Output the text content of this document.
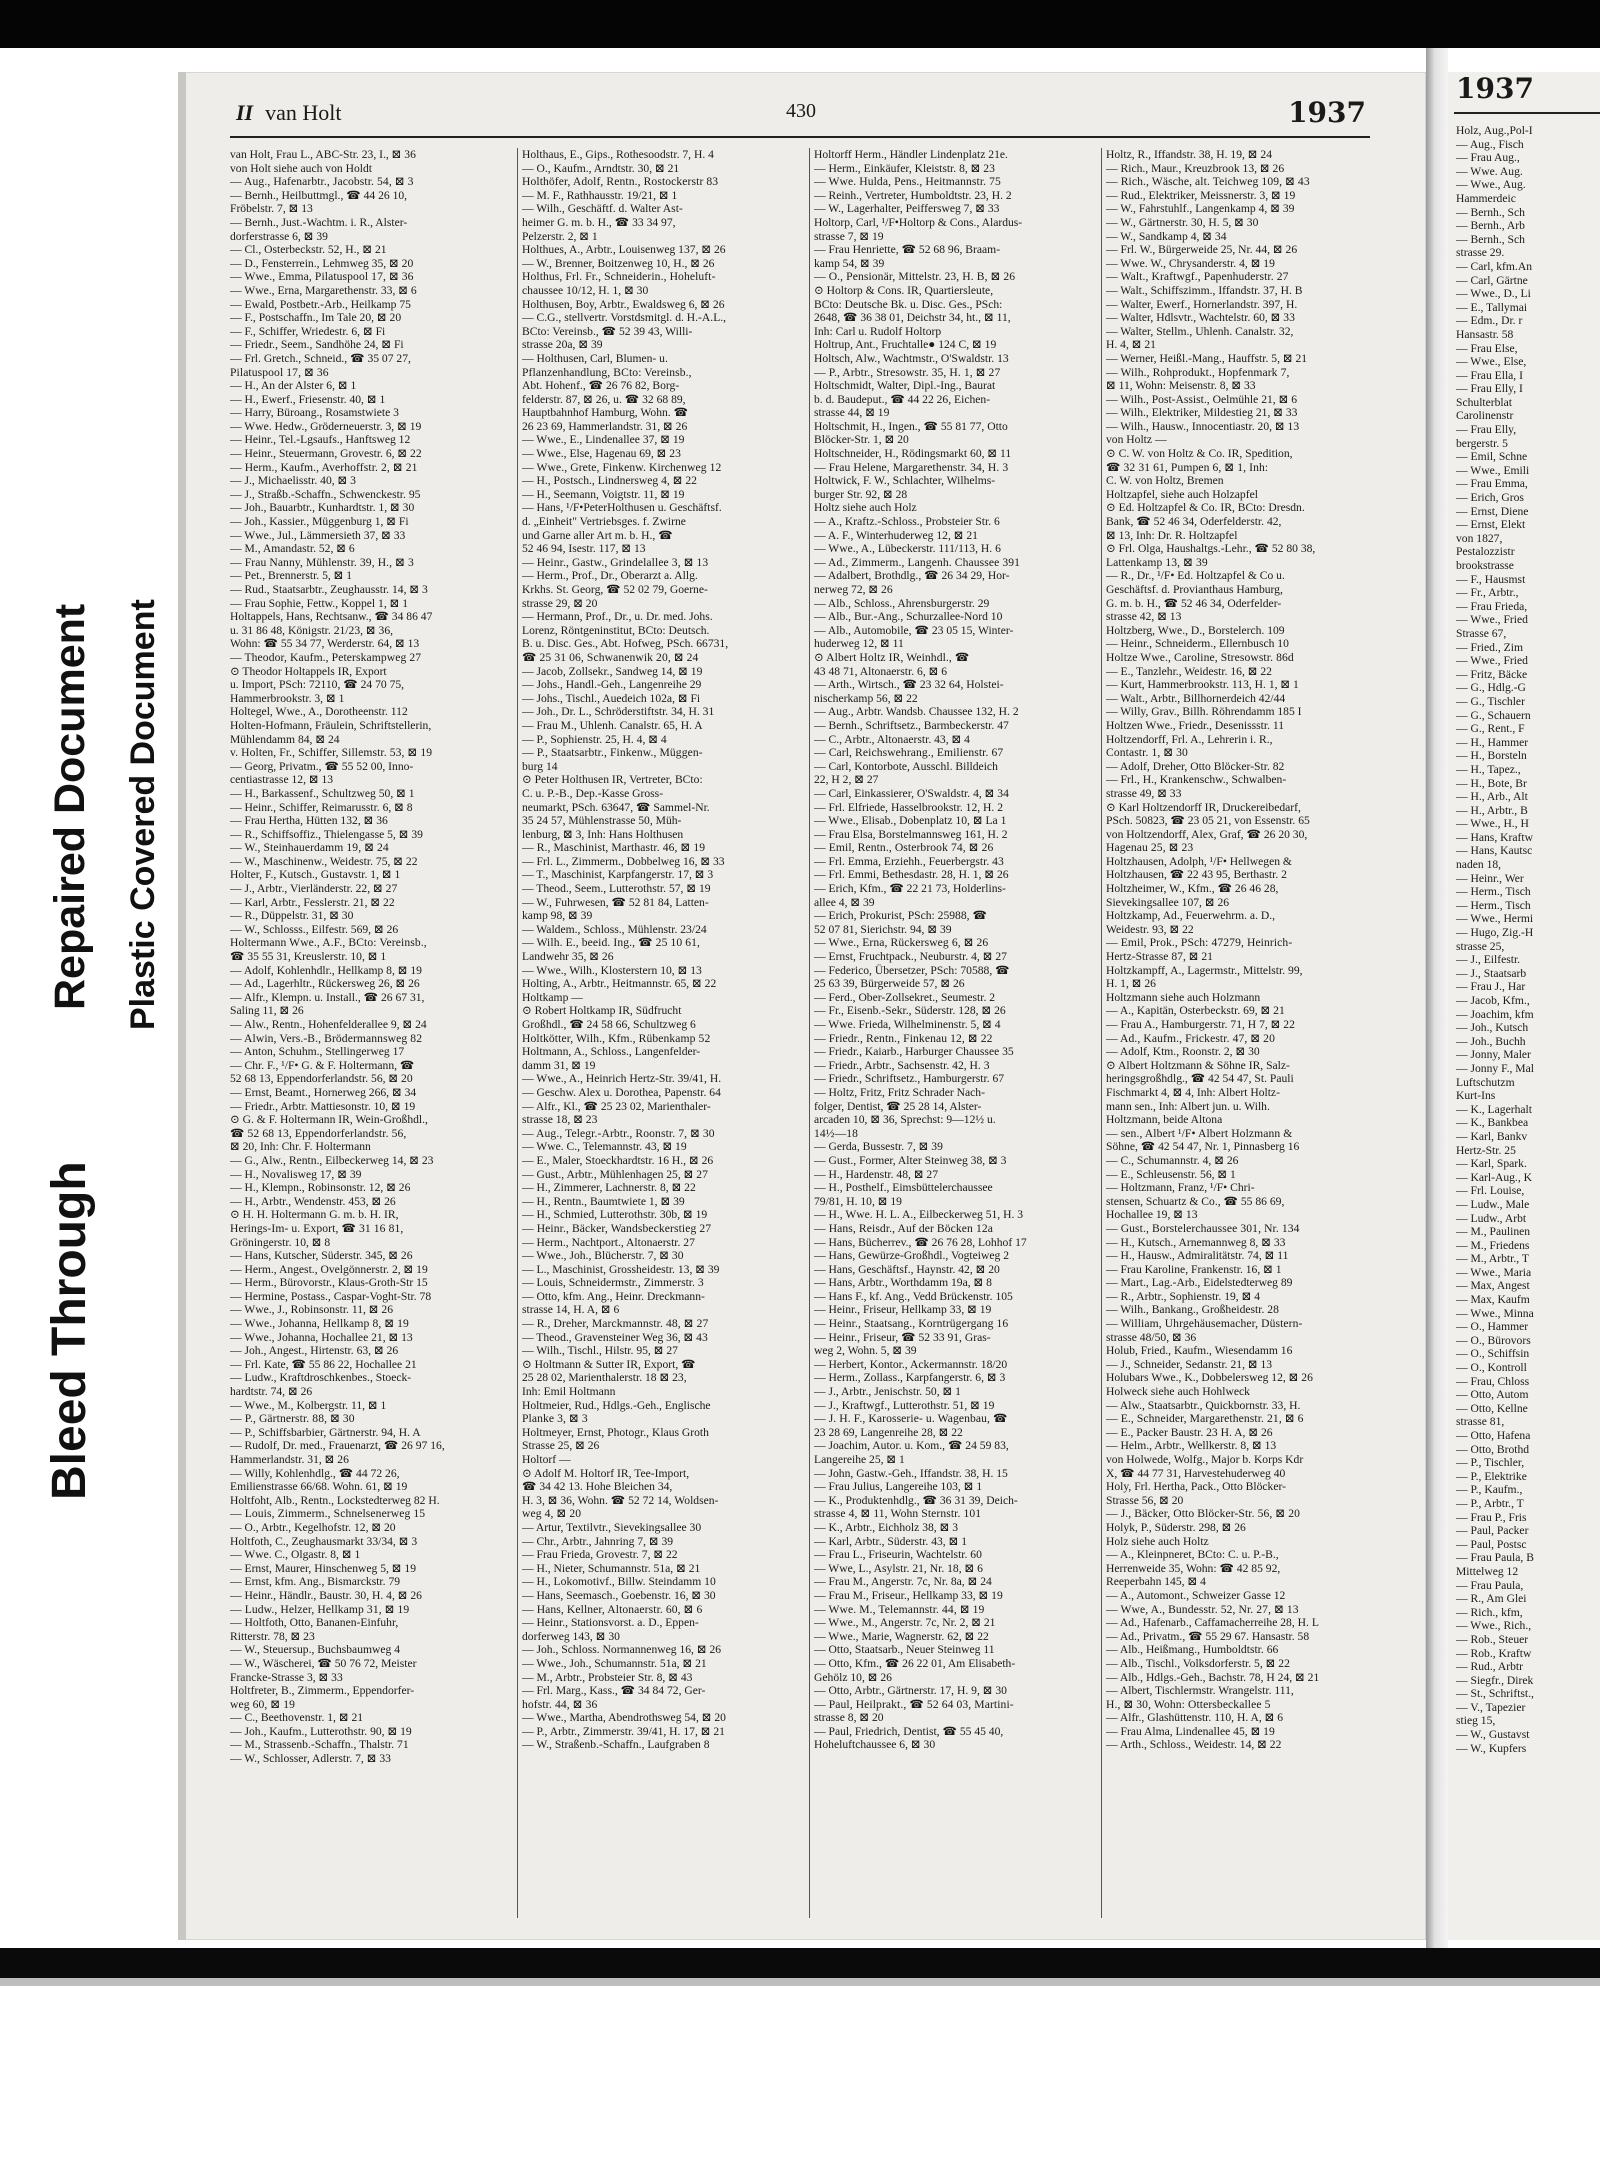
Bleed Through
Repaired Document Plastic Covered Document
II van Holt	430	1937
van Holt, Frau L., ABC-Str. 23, I., ⊠ 36
von Holt siehe auch von Holdt
— Aug., Hafenarbtr., Jacobstr. 54, ⊠ 3
— Bernh., Heilbuttmgl., ☎ 44 26 10,
Fröbelstr. 7, ⊠ 13
— Bernh., Just.-Wachtm. i. R., Alster-
dorferstrasse 6, ⊠ 39
— Cl., Osterbeckstr. 52, H., ⊠ 21
— D., Fensterrein., Lehmweg 35, ⊠ 20
— Wwe., Emma, Pilatuspool 17, ⊠ 36
— Wwe., Erna, Margarethenstr. 33, ⊠ 6
— Ewald, Postbetr.-Arb., Heilkamp 75
— F., Postschaffn., Im Tale 20, ⊠ 20
— F., Schiffer, Wriedestr. 6, ⊠ Fi
— Friedr., Seem., Sandhöhe 24, ⊠ Fi
— Frl. Gretch., Schneid., ☎ 35 07 27,
Pilatuspool 17, ⊠ 36
— H., An der Alster 6, ⊠ 1
— H., Ewerf., Friesenstr. 40, ⊠ 1
— Harry, Büroang., Rosamstwiete 3
— Wwe. Hedw., Gröderneuerstr. 3, ⊠ 19
— Heinr., Tel.-Lgsaufs., Hanftsweg 12
— Heinr., Steuermann, Grovestr. 6, ⊠ 22
— Herm., Kaufm., Averhoffstr. 2, ⊠ 21
— J., Michaelisstr. 40, ⊠ 3
— J., Straßb.-Schaffn., Schwenckestr. 95
— Joh., Bauarbtr., Kunhardtstr. 1, ⊠ 30
— Joh., Kassier., Müggenburg 1, ⊠ Fi
— Wwe., Jul., Lämmersieth 37, ⊠ 33
— M., Amandastr. 52, ⊠ 6
— Frau Nanny, Mühlenstr. 39, H., ⊠ 3
— Pet., Brennerstr. 5, ⊠ 1
— Rud., Staatsarbtr., Zeughausstr. 14, ⊠ 3
— Frau Sophie, Fettw., Koppel 1, ⊠ 1
Holtappels, Hans, Rechtsanw., ☎ 34 86 47
u. 31 86 48, Königstr. 21/23, ⊠ 36,
Wohn: ☎ 55 34 77, Werderstr. 64, ⊠ 13
— Theodor, Kaufm., Peterskampweg 27
⊙ Theodor Holtappels IR, Export
u. Import, PSch: 72110, ☎ 24 70 75,
Hammerbrookstr. 3, ⊠ 1
Holtegel, Wwe., A., Dorotheenstr. 112
Holten-Hofmann, Fräulein, Schriftstellerin,
Mühlendamm 84, ⊠ 24
v. Holten, Fr., Schiffer, Sillemstr. 53, ⊠ 19
— Georg, Privatm., ☎ 55 52 00, Inno-
centiastrasse 12, ⊠ 13
— H., Barkassenf., Schultzweg 50, ⊠ 1
— Heinr., Schiffer, Reimarusstr. 6, ⊠ 8
— Frau Hertha, Hütten 132, ⊠ 36
— R., Schiffsoffiz., Thielengasse 5, ⊠ 39
— W., Steinhauerdamm 19, ⊠ 24
— W., Maschinenw., Weidestr. 75, ⊠ 22
Holter, F., Kutsch., Gustavstr. 1, ⊠ 1
— J., Arbtr., Vierländerstr. 22, ⊠ 27
— Karl, Arbtr., Fesslerstr. 21, ⊠ 22
— R., Düppelstr. 31, ⊠ 30
— W., Schlosss., Eilfestr. 569, ⊠ 26
Holtermann Wwe., A.F., BCto: Vereinsb.,
☎ 35 55 31, Kreuslerstr. 10, ⊠ 1
— Adolf, Kohlenhdlr., Hellkamp 8, ⊠ 19
— Ad., Lagerhltr., Rückersweg 26, ⊠ 26
— Alfr., Klempn. u. Install., ☎ 26 67 31,
Saling 11, ⊠ 26
— Alw., Rentn., Hohenfelderallee 9, ⊠ 24
— Alwin, Vers.-B., Brödermannsweg 82
— Anton, Schuhm., Stellingerweg 17
— Chr. F., ¹/F• G. & F. Holtermann, ☎
52 68 13, Eppendorferlandstr. 56, ⊠ 20
— Ernst, Beamt., Hornerweg 266, ⊠ 34
— Friedr., Arbtr. Mattiesonstr. 10, ⊠ 19
⊙ G. & F. Holtermann IR, Wein-Großhdl.,
☎ 52 68 13, Eppendorferlandstr. 56,
⊠ 20, Inh: Chr. F. Holtermann
— G., Alw., Rentn., Eilbeckerweg 14, ⊠ 23
— H., Novalisweg 17, ⊠ 39
— H., Klempn., Robinsonstr. 12, ⊠ 26
— H., Arbtr., Wendenstr. 453, ⊠ 26
⊙ H. H. Holtermann G. m. b. H. IR,
Herings-Im- u. Export, ☎ 31 16 81,
Gröningerstr. 10, ⊠ 8
— Hans, Kutscher, Süderstr. 345, ⊠ 26
— Herm., Angest., Ovelgönnerstr. 2, ⊠ 19
— Herm., Bürovorstr., Klaus-Groth-Str 15
— Hermine, Postass., Caspar-Voght-Str. 78
— Wwe., J., Robinsonstr. 11, ⊠ 26
— Wwe., Johanna, Hellkamp 8, ⊠ 19
— Wwe., Johanna, Hochallee 21, ⊠ 13
— Joh., Angest., Hirtenstr. 63, ⊠ 26
— Frl. Kate, ☎ 55 86 22, Hochallee 21
— Ludw., Kraftdroschkenbes., Stoeck-
hardtstr. 74, ⊠ 26
— Wwe., M., Kolbergstr. 11, ⊠ 1
— P., Gärtnerstr. 88, ⊠ 30
— P., Schiffsbarbier, Gärtnerstr. 94, H. A
— Rudolf, Dr. med., Frauenarzt, ☎ 26 97 16,
Hammerlandstr. 31, ⊠ 26
— Willy, Kohlenhdlg., ☎ 44 72 26,
Emilienstrasse 66/68. Wohn. 61, ⊠ 19
Holtfoht, Alb., Rentn., Lockstedterweg 82 H.
— Louis, Zimmerm., Schnelsenerweg 15
— O., Arbtr., Kegelhofstr. 12, ⊠ 20
Holtfoth, C., Zeughausmarkt 33/34, ⊠ 3
— Wwe. C., Olgastr. 8, ⊠ 1
— Ernst, Maurer, Hinschenweg 5, ⊠ 19
— Ernst, kfm. Ang., Bismarckstr. 79
— Heinr., Händlr., Baustr. 30, H. 4, ⊠ 26
— Ludw., Helzer, Hellkamp 31, ⊠ 19
— Holtfoth, Otto, Bananen-Einfuhr,
Ritterstr. 78, ⊠ 23
— W., Steuersup., Buchsbaumweg 4
— W., Wäscherei, ☎ 50 76 72, Meister
Francke-Strasse 3, ⊠ 33
Holtfreter, B., Zimmerm., Eppendorfer-
weg 60, ⊠ 19
— C., Beethovenstr. 1, ⊠ 21
— Joh., Kaufm., Lutterothstr. 90, ⊠ 19
— M., Strassenb.-Schaffn., Thalstr. 71
— W., Schlosser, Adlerstr. 7, ⊠ 33
Holthaus, E., Gips., Rothesoodstr. 7, H. 4
— O., Kaufm., Arndtstr. 30, ⊠ 21
Holthöfer, Adolf, Rentn., Rostockerstr 83
— M. F., Rathhausstr. 19/21, ⊠ 1
— Wilh., Geschäftf. d. Walter Ast-
heimer G. m. b. H., ☎ 33 34 97,
Pelzerstr. 2, ⊠ 1
Holthues, A., Arbtr., Louisenweg 137, ⊠ 26
— W., Brenner, Boitzenweg 10, H., ⊠ 26
Holthus, Frl. Fr., Schneiderin., Hoheluft-
chaussee 10/12, H. 1, ⊠ 30
Holthusen, Boy, Arbtr., Ewaldsweg 6, ⊠ 26
— C.G., stellvertr. Vorstdsmitgl. d. H.-A.L.,
BCto: Vereinsb., ☎ 52 39 43, Willi-
strasse 20a, ⊠ 39
— Holthusen, Carl, Blumen- u.
Pflanzenhandlung, BCto: Vereinsb.,
Abt. Hohenf., ☎ 26 76 82, Borg-
felderstr. 87, ⊠ 26, u. ☎ 32 68 89,
Hauptbahnhof Hamburg, Wohn. ☎
26 23 69, Hammerlandstr. 31, ⊠ 26
— Wwe., E., Lindenallee 37, ⊠ 19
— Wwe., Else, Hagenau 69, ⊠ 23
— Wwe., Grete, Finkenw. Kirchenweg 12
— H., Postsch., Lindnersweg 4, ⊠ 22
— H., Seemann, Voigtstr. 11, ⊠ 19
— Hans, ¹/F•PeterHolthusen u. Geschäftsf.
d. „Einheit" Vertriebsges. f. Zwirne
und Garne aller Art m. b. H., ☎
52 46 94, Isestr. 117, ⊠ 13
— Heinr., Gastw., Grindelallee 3, ⊠ 13
— Herm., Prof., Dr., Oberarzt a. Allg.
Krkhs. St. Georg, ☎ 52 02 79, Goerne-
strasse 29, ⊠ 20
— Hermann, Prof., Dr., u. Dr. med. Johs.
Lorenz, Röntgeninstitut, BCto: Deutsch.
B. u. Disc. Ges., Abt. Hofweg, PSch. 66731,
☎ 25 31 06, Schwanenwik 20, ⊠ 24
— Jacob, Zollsekr., Sandweg 14, ⊠ 19
— Johs., Handl.-Geh., Langenreihe 29
— Johs., Tischl., Auedeich 102a, ⊠ Fi
— Joh., Dr. L., Schröderstiftstr. 34, H. 31
— Frau M., Uhlenh. Canalstr. 65, H. A
— P., Sophienstr. 25, H. 4, ⊠ 4
— P., Staatsarbtr., Finkenw., Müggen-
burg 14
⊙ Peter Holthusen IR, Vertreter, BCto:
C. u. P.-B., Dep.-Kasse Gross-
neumarkt, PSch. 63647, ☎ Sammel-Nr.
35 24 57, Mühlenstrasse 50, Müh-
lenburg, ⊠ 3, Inh: Hans Holthusen
— R., Maschinist, Marthastr. 46, ⊠ 19
— Frl. L., Zimmerm., Dobbelweg 16, ⊠ 33
— T., Maschinist, Karpfangerstr. 17, ⊠ 3
— Theod., Seem., Lutterothstr. 57, ⊠ 19
— W., Fuhrwesen, ☎ 52 81 84, Latten-
kamp 98, ⊠ 39
— Waldem., Schloss., Mühlenstr. 23/24
— Wilh. E., beeid. Ing., ☎ 25 10 61,
Landwehr 35, ⊠ 26
— Wwe., Wilh., Klosterstern 10, ⊠ 13
Holting, A., Arbtr., Heitmannstr. 65, ⊠ 22
Holtkamp —
⊙ Robert Holtkamp IR, Südfrucht
Großhdl., ☎ 24 58 66, Schultzweg 6
Holtkötter, Wilh., Kfm., Rübenkamp 52
Holtmann, A., Schloss., Langenfelder-
damm 31, ⊠ 19
— Wwe., A., Heinrich Hertz-Str. 39/41, H.
— Geschw. Alex u. Dorothea, Papenstr. 64
— Alfr., Kl., ☎ 25 23 02, Marienthaler-
strasse 18, ⊠ 23
— Aug., Telegr.-Arbtr., Roonstr. 7, ⊠ 30
— Wwe. C., Telemannstr. 43, ⊠ 19
— E., Maler, Stoeckhardtstr. 16 H., ⊠ 26
— Gust., Arbtr., Mühlenhagen 25, ⊠ 27
— H., Zimmerer, Lachnerstr. 8, ⊠ 22
— H., Rentn., Baumtwiete 1, ⊠ 39
— H., Schmied, Lutterothstr. 30b, ⊠ 19
— Heinr., Bäcker, Wandsbeckerstieg 27
— Herm., Nachtport., Altonaerstr. 27
— Wwe., Joh., Blücherstr. 7, ⊠ 30
— L., Maschinist, Grossheidestr. 13, ⊠ 39
— Louis, Schneidermstr., Zimmerstr. 3
— Otto, kfm. Ang., Heinr. Dreckmann-
strasse 14, H. A, ⊠ 6
— R., Dreher, Marckmannstr. 48, ⊠ 27
— Theod., Gravensteiner Weg 36, ⊠ 43
— Wilh., Tischl., Hilstr. 95, ⊠ 27
⊙ Holtmann & Sutter IR, Export, ☎
25 28 02, Marienthalerstr. 18 ⊠ 23,
Inh: Emil Holtmann
Holtmeier, Rud., Hdlgs.-Geh., Englische
Planke 3, ⊠ 3
Holtmeyer, Ernst, Photogr., Klaus Groth
Strasse 25, ⊠ 26
Holtorf —
⊙ Adolf M. Holtorf IR, Tee-Import,
☎ 34 42 13. Hohe Bleichen 34,
H. 3, ⊠ 36, Wohn. ☎ 52 72 14, Woldsen-
weg 4, ⊠ 20
— Artur, Textilvtr., Sievekingsallee 30
— Chr., Arbtr., Jahnring 7, ⊠ 39
— Frau Frieda, Grovestr. 7, ⊠ 22
— H., Nieter, Schumannstr. 51a, ⊠ 21
— H., Lokomotivf., Billw. Steindamm 10
— Hans, Seemasch., Goebenstr. 16, ⊠ 30
— Hans, Kellner, Altonaerstr. 60, ⊠ 6
— Heinr., Stationsvorst. a. D., Eppen-
dorferweg 143, ⊠ 30
— Joh., Schloss. Normannenweg 16, ⊠ 26
— Wwe., Joh., Schumannstr. 51a, ⊠ 21
— M., Arbtr., Probsteier Str. 8, ⊠ 43
— Frl. Marg., Kass., ☎ 34 84 72, Ger-
hofstr. 44, ⊠ 36
— Wwe., Martha, Abendrothsweg 54, ⊠ 20
— P., Arbtr., Zimmerstr. 39/41, H. 17, ⊠ 21
— W., Straßenb.-Schaffn., Laufgraben 8
Holtorff Herm., Händler Lindenplatz 21e.
— Herm., Einkäufer, Kleiststr. 8, ⊠ 23
— Wwe. Hulda, Pens., Heitmannstr. 75
— Reinh., Vertreter, Humboldtstr. 23, H. 2
— W., Lagerhalter, Peiffersweg 7, ⊠ 33
Holtorp, Carl, ¹/F•Holtorp & Cons., Alardus-
strasse 7, ⊠ 19
— Frau Henriette, ☎ 52 68 96, Braam-
kamp 54, ⊠ 39
— O., Pensionär, Mittelstr. 23, H. B, ⊠ 26
⊙ Holtorp & Cons. IR, Quartiersleute,
BCto: Deutsche Bk. u. Disc. Ges., PSch:
2648, ☎ 36 38 01, Deichstr 34, ht., ⊠ 11,
Inh: Carl u. Rudolf Holtorp
Holtrup, Ant., Fruchtalle● 124 C, ⊠ 19
Holtsch, Alw., Wachtmstr., O'Swaldstr. 13
— P., Arbtr., Stresowstr. 35, H. 1, ⊠ 27
Holtschmidt, Walter, Dipl.-Ing., Baurat
b. d. Baudeput., ☎ 44 22 26, Eichen-
strasse 44, ⊠ 19
Holtschmit, H., Ingen., ☎ 55 81 77, Otto
Blöcker-Str. 1, ⊠ 20
Holtschneider, H., Rödingsmarkt 60, ⊠ 11
— Frau Helene, Margarethenstr. 34, H. 3
Holtwick, F. W., Schlachter, Wilhelms-
burger Str. 92, ⊠ 28
Holtz siehe auch Holz
— A., Kraftz.-Schloss., Probsteier Str. 6
— A. F., Winterhuderweg 12, ⊠ 21
— Wwe., A., Lübeckerstr. 111/113, H. 6
— Ad., Zimmerm., Langenh. Chaussee 391
— Adalbert, Brothdlg., ☎ 26 34 29, Hor-
nerweg 72, ⊠ 26
— Alb., Schloss., Ahrensburgerstr. 29
— Alb., Bur.-Ang., Schurzallee-Nord 10
— Alb., Automobile, ☎ 23 05 15, Winter-
huderweg 12, ⊠ 11
⊙ Albert Holtz IR, Weinhdl., ☎
43 48 71, Altonaerstr. 6, ⊠ 6
— Arth., Wirtsch., ☎ 23 32 64, Holstei-
nischerkamp 56, ⊠ 22
— Aug., Arbtr. Wandsb. Chaussee 132, H. 2
— Bernh., Schriftsetz., Barmbeckerstr. 47
— C., Arbtr., Altonaerstr. 43, ⊠ 4
— Carl, Reichswehrang., Emilienstr. 67
— Carl, Kontorbote, Ausschl. Billdeich
22, H 2, ⊠ 27
— Carl, Einkassierer, O'Swaldstr. 4, ⊠ 34
— Frl. Elfriede, Hasselbrookstr. 12, H. 2
— Wwe., Elisab., Dobenplatz 10, ⊠ La 1
— Frau Elsa, Borstelmannsweg 161, H. 2
— Emil, Rentn., Osterbrook 74, ⊠ 26
— Frl. Emma, Erziehh., Feuerbergstr. 43
— Frl. Emmi, Bethesdastr. 28, H. 1, ⊠ 26
— Erich, Kfm., ☎ 22 21 73, Holderlins-
allee 4, ⊠ 39
— Erich, Prokurist, PSch: 25988, ☎
52 07 81, Sierichstr. 94, ⊠ 39
— Wwe., Erna, Rückersweg 6, ⊠ 26
— Ernst, Fruchtpack., Neuburstr. 4, ⊠ 27
— Federico, Übersetzer, PSch: 70588, ☎
25 63 39, Bürgerweide 57, ⊠ 26
— Ferd., Ober-Zollsekret., Seumestr. 2
— Fr., Eisenb.-Sekr., Süderstr. 128, ⊠ 26
— Wwe. Frieda, Wilhelminenstr. 5, ⊠ 4
— Friedr., Rentn., Finkenau 12, ⊠ 22
— Friedr., Kaiarb., Harburger Chaussee 35
— Friedr., Arbtr., Sachsenstr. 42, H. 3
— Friedr., Schriftsetz., Hamburgerstr. 67
— Holtz, Fritz, Fritz Schrader Nach-
folger, Dentist, ☎ 25 28 14, Alster-
arcaden 10, ⊠ 36, Sprechst: 9—12½ u.
14½—18
— Gerda, Bussestr. 7, ⊠ 39
— Gust., Former, Alter Steinweg 38, ⊠ 3
— H., Hardenstr. 48, ⊠ 27
— H., Posthelf., Eimsbüttelerchaussee
79/81, H. 10, ⊠ 19
— H., Wwe. H. L. A., Eilbeckerweg 51, H. 3
— Hans, Reisdr., Auf der Böcken 12a
— Hans, Bücherrev., ☎ 26 76 28, Lohhof 17
— Hans, Gewürze-Großhdl., Vogteiweg 2
— Hans, Geschäftsf., Haynstr. 42, ⊠ 20
— Hans, Arbtr., Worthdamm 19a, ⊠ 8
— Hans F., kf. Ang., Vedd Brückenstr. 105
— Heinr., Friseur, Hellkamp 33, ⊠ 19
— Heinr., Staatsang., Korntrügergang 16
— Heinr., Friseur, ☎ 52 33 91, Gras-
weg 2, Wohn. 5, ⊠ 39
— Herbert, Kontor., Ackermannstr. 18/20
— Herm., Zollass., Karpfangerstr. 6, ⊠ 3
— J., Arbtr., Jenischstr. 50, ⊠ 1
— J., Kraftwgf., Lutterothstr. 51, ⊠ 19
— J. H. F., Karosserie- u. Wagenbau, ☎
23 28 69, Langenreihe 28, ⊠ 22
— Joachim, Autor. u. Kom., ☎ 24 59 83,
Langereihe 25, ⊠ 1
— John, Gastw.-Geh., Iffandstr. 38, H. 15
— Frau Julius, Langereihe 103, ⊠ 1
— K., Produktenhdlg., ☎ 36 31 39, Deich-
strasse 4, ⊠ 11, Wohn Sternstr. 101
— K., Arbtr., Eichholz 38, ⊠ 3
— Karl, Arbtr., Süderstr. 43, ⊠ 1
— Frau L., Friseurin, Wachtelstr. 60
— Wwe, L., Asylstr. 21, Nr. 18, ⊠ 6
— Frau M., Angerstr. 7c, Nr. 8a, ⊠ 24
— Frau M., Friseur., Hellkamp 33, ⊠ 19
— Wwe. M., Telemannstr. 44, ⊠ 19
— Wwe., M., Angerstr. 7c, Nr. 2, ⊠ 21
— Wwe., Marie, Wagnerstr. 62, ⊠ 22
— Otto, Staatsarb., Neuer Steinweg 11
— Otto, Kfm., ☎ 26 22 01, Am Elisabeth-
Gehölz 10, ⊠ 26
— Otto, Arbtr., Gärtnerstr. 17, H. 9, ⊠ 30
— Paul, Heilprakt., ☎ 52 64 03, Martini-
strasse 8, ⊠ 20
— Paul, Friedrich, Dentist, ☎ 55 45 40,
Hoheluftchaussee 6, ⊠ 30
Holtz, R., Iffandstr. 38, H. 19, ⊠ 24
— Rich., Maur., Kreuzbrook 13, ⊠ 26
— Rich., Wäsche, alt. Teichweg 109, ⊠ 43
— Rud., Elektriker, Meissnerstr. 3, ⊠ 19
— W., Fahrstuhlf., Langenkamp 4, ⊠ 39
— W., Gärtnerstr. 30, H. 5, ⊠ 30
— W., Sandkamp 4, ⊠ 34
— Frl. W., Bürgerweide 25, Nr. 44, ⊠ 26
— Wwe. W., Chrysanderstr. 4, ⊠ 19
— Walt., Kraftwgf., Papenhuderstr. 27
— Walt., Schiffszimm., Iffandstr. 37, H. B
— Walter, Ewerf., Hornerlandstr. 397, H.
— Walter, Hdlsvtr., Wachtelstr. 60, ⊠ 33
— Walter, Stellm., Uhlenh. Canalstr. 32,
H. 4, ⊠ 21
— Werner, Heißl.-Mang., Hauffstr. 5, ⊠ 21
— Wilh., Rohprodukt., Hopfenmark 7,
⊠ 11, Wohn: Meisenstr. 8, ⊠ 33
— Wilh., Post-Assist., Oelmühle 21, ⊠ 6
— Wilh., Elektriker, Mildestieg 21, ⊠ 33
— Wilh., Hausw., Innocentiastr. 20, ⊠ 13
von Holtz —
⊙ C. W. von Holtz & Co. IR, Spedition,
☎ 32 31 61, Pumpen 6, ⊠ 1, Inh:
C. W. von Holtz, Bremen
Holtzapfel, siehe auch Holzapfel
⊙ Ed. Holtzapfel & Co. IR, BCto: Dresdn.
Bank, ☎ 52 46 34, Oderfelderstr. 42,
⊠ 13, Inh: Dr. R. Holtzapfel
⊙ Frl. Olga, Haushaltgs.-Lehr., ☎ 52 80 38,
Lattenkamp 13, ⊠ 39
— R., Dr., ¹/F• Ed. Holtzapfel & Co u.
Geschäftsf. d. Provianthaus Hamburg,
G. m. b. H., ☎ 52 46 34, Oderfelder-
strasse 42, ⊠ 13
Holtzberg, Wwe., D., Borstelerch. 109
— Heinr., Schneiderm., Ellernbusch 10
Holtze Wwe., Caroline, Stresowstr. 86d
— E., Tanzlehr., Weidestr. 16, ⊠ 22
— Kurt, Hammerbrookstr. 113, H. 1, ⊠ 1
— Walt., Arbtr., Billhornerdeich 42/44
— Willy, Grav., Billh. Röhrendamm 185 I
Holtzen Wwe., Friedr., Desenissstr. 11
Holtzendorff, Frl. A., Lehrerin i. R.,
Contastr. 1, ⊠ 30
— Adolf, Dreher, Otto Blöcker-Str. 82
— Frl., H., Krankenschw., Schwalben-
strasse 49, ⊠ 33
⊙ Karl Holtzendorff IR, Druckereibedarf,
PSch. 50823, ☎ 23 05 21, von Essenstr. 65
von Holtzendorff, Alex, Graf, ☎ 26 20 30,
Hagenau 25, ⊠ 23
Holtzhausen, Adolph, ¹/F• Hellwegen &
Holtzhausen, ☎ 22 43 95, Berthastr. 2
Holtzheimer, W., Kfm., ☎ 26 46 28,
Sievekingsallee 107, ⊠ 26
Holtzkamp, Ad., Feuerwehrm. a. D.,
Weidestr. 93, ⊠ 22
— Emil, Prok., PSch: 47279, Heinrich-
Hertz-Strasse 87, ⊠ 21
Holtzkampff, A., Lagermstr., Mittelstr. 99,
H. 1, ⊠ 26
Holtzmann siehe auch Holzmann
— A., Kapitän, Osterbeckstr. 69, ⊠ 21
— Frau A., Hamburgerstr. 71, H 7, ⊠ 22
— Ad., Kaufm., Frickestr. 47, ⊠ 20
— Adolf, Ktm., Roonstr. 2, ⊠ 30
⊙ Albert Holtzmann & Söhne IR, Salz-
heringsgroßhdlg., ☎ 42 54 47, St. Pauli
Fischmarkt 4, ⊠ 4, Inh: Albert Holtz-
mann sen., Inh: Albert jun. u. Wilh.
Holtzmann, beide Altona
— sen., Albert ¹/F• Albert Holzmann &
Söhne, ☎ 42 54 47, Nr. 1, Pinnasberg 16
— C., Schumannstr. 4, ⊠ 26
— E., Schleusenstr. 56, ⊠ 1
— Holtzmann, Franz, ¹/F• Chri-
stensen, Schuartz & Co., ☎ 55 86 69,
Hochallee 19, ⊠ 13
— Gust., Borstelerchaussee 301, Nr. 134
— H., Kutsch., Arnemannweg 8, ⊠ 33
— H., Hausw., Admiralitätstr. 74, ⊠ 11
— Frau Karoline, Frankenstr. 16, ⊠ 1
— Mart., Lag.-Arb., Eidelstedterweg 89
— R., Arbtr., Sophienstr. 19, ⊠ 4
— Wilh., Bankang., Großheidestr. 28
— William, Uhrgehäusemacher, Düstern-
strasse 48/50, ⊠ 36
Holub, Fried., Kaufm., Wiesendamm 16
— J., Schneider, Sedanstr. 21, ⊠ 13
Holubars Wwe., K., Dobbelersweg 12, ⊠ 26
Holweck siehe auch Hohlweck
— Alw., Staatsarbtr., Quickbornstr. 33, H.
— E., Schneider, Margarethenstr. 21, ⊠ 6
— E., Packer Baustr. 23 H. A, ⊠ 26
— Helm., Arbtr., Wellkerstr. 8, ⊠ 13
von Holwede, Wolfg., Major b. Korps Kdr
X, ☎ 44 77 31, Harvestehuderweg 40
Holy, Frl. Hertha, Pack., Otto Blöcker-
Strasse 56, ⊠ 20
— J., Bäcker, Otto Blöcker-Str. 56, ⊠ 20
Holyk, P., Süderstr. 298, ⊠ 26
Holz siehe auch Holtz
— A., Kleinpneret, BCto: C. u. P.-B.,
Herrenweide 35, Wohn: ☎ 42 85 92,
Reeperbahn 145, ⊠ 4
— A., Automont., Schweizer Gasse 12
— Wwe, A., Bundesstr. 52, Nr. 27, ⊠ 13
— Ad., Hafenarb., Caffamacherreihe 28, H. L
— Ad., Privatm., ☎ 55 29 67. Hansastr. 58
— Alb., Heißmang., Humboldtstr. 66
— Alb., Tischl., Volksdorferstr. 5, ⊠ 22
— Alb., Hdlgs.-Geh., Bachstr. 78, H 24, ⊠ 21
— Albert, Tischlermstr. Wrangelstr. 111,
H., ⊠ 30, Wohn: Ottersbeckallee 5
— Alfr., Glashüttenstr. 110, H. A, ⊠ 6
— Frau Alma, Lindenallee 45, ⊠ 19
— Arth., Schloss., Weidestr. 14, ⊠ 22
1937
Holz, Aug.,Pol-I
— Aug., Fisch
— Frau Aug.,
— Wwe. Aug.
— Wwe., Aug.
Hammerdeic
— Bernh., Sch
— Bernh., Arb
— Bernh., Sch
strasse 29.
— Carl, kfm.An
— Carl, Gärtne
— Wwe., D., Li
— E., Tallymai
— Edm., Dr. r
Hansastr. 58
— Frau Else,
— Wwe., Else,
— Frau Ella, I
— Frau Elly, I
Schulterblat
Carolinenstr
— Frau Elly,
bergerstr. 5
— Emil, Schne
— Wwe., Emili
— Frau Emma,
— Erich, Gros
— Ernst, Diene
— Ernst, Elekt
von 1827,
Pestalozzistr
brookstrasse
— F., Hausmst
— Fr., Arbtr.,
— Frau Frieda,
— Wwe., Fried
Strasse 67,
— Fried., Zim
— Wwe., Fried
— Fritz, Bäcke
— G., Hdlg.-G
— G., Tischler
— G., Schauern
— G., Rent., F
— H., Hammer
— H., Borsteln
— H., Tapez.,
— H., Bote, Br
— H., Arb., Alt
— H., Arbtr., B
— Wwe., H., H
— Hans, Kraftw
— Hans, Kautsc
naden 18,
— Heinr., Wer
— Herm., Tisch
— Herm., Tisch
— Wwe., Hermi
— Hugo, Zig.-H
strasse 25,
— J., Eilfestr.
— J., Staatsarb
— Frau J., Har
— Jacob, Kfm.,
— Joachim, kfm
— Joh., Kutsch
— Joh., Buchh
— Jonny, Maler
— Jonny F., Mal
Luftschutzm
Kurt-Ins
— K., Lagerhalt
— K., Bankbea
— Karl, Bankv
Hertz-Str. 25
— Karl, Spark.
— Karl-Aug., K
— Frl. Louise,
— Ludw., Male
— Ludw., Arbt
— M., Paulinen
— M., Friedens
— M., Arbtr., T
— Wwe., Maria
— Max, Angest
— Max, Kaufm
— Wwe., Minna
— O., Hammer
— O., Bürovors
— O., Schiffsin
— O., Kontroll
— Frau, Chloss
— Otto, Autom
— Otto, Kellne
strasse 81,
— Otto, Hafena
— Otto, Brothd
— P., Tischler,
— P., Elektrike
— P., Kaufm.,
— P., Arbtr., T
— Frau P., Fris
— Paul, Packer
— Paul, Postsc
— Frau Paula, B
Mittelweg 12
— Frau Paula,
— R., Am Glei
— Rich., kfm,
— Wwe., Rich.,
— Rob., Steuer
— Rob., Kraftw
— Rud., Arbtr
— Siegfr., Direk
— St., Schriftst.,
— V., Tapezier
stieg 15,
— W., Gustavst
— W., Kupfers
